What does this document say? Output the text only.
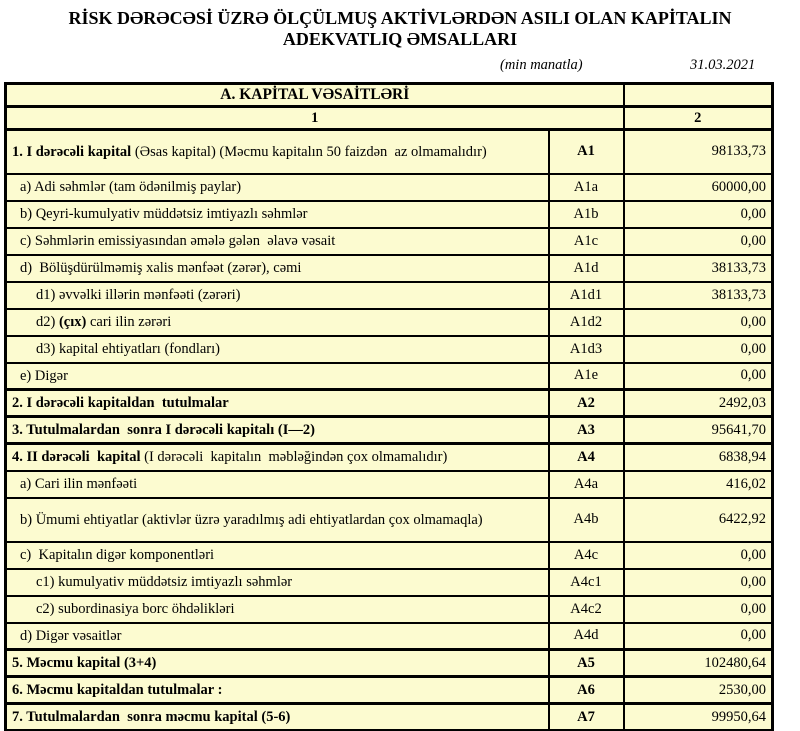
RİSK DƏRƏCƏSİ ÜZRƏ ÖLÇÜLMUŞ AKTİVLƏRDƏN ASILI OLAN KAPİTALIN
ADEKVATLIQ ƏMSALLARI
(min manatla)	31.03.2021
A. KAPİTAL VƏSAİTLƏRİ		
1		2
1. I dərəcəli kapital (Əsas kapital) (Məcmu kapitalın 50 faizdən  az olmamalıdır)	A1	98133,73
a) Adi səhmlər (tam ödənilmiş paylar)	A1a	60000,00
b) Qeyri-kumulyativ müddətsiz imtiyazlı səhmlər	A1b	0,00
c) Səhmlərin emissiyasından əmələ gələn  əlavə vəsait	A1c	0,00
d)  Bölüşdürülməmiş xalis mənfəət (zərər), cəmi	A1d	38133,73
d1) əvvəlki illərin mənfəəti (zərəri)	A1d1	38133,73
d2) (çıx) cari ilin zərəri	A1d2	0,00
d3) kapital ehtiyatları (fondları)	A1d3	0,00
e) Digər	A1e	0,00
2. I dərəcəli kapitaldan  tutulmalar	A2	2492,03
3. Tutulmalardan  sonra I dərəcəli kapitalı (I—2)	A3	95641,70
4. II dərəcəli  kapital (I dərəcəli  kapitalın  məbləğindən çox olmamalıdır)	A4	6838,94
a) Cari ilin mənfəəti	A4a	416,02
b) Ümumi ehtiyatlar (aktivlər üzrə yaradılmış adi ehtiyatlardan çox olmamaqla)	A4b	6422,92
c)  Kapitalın digər komponentləri	A4c	0,00
c1) kumulyativ müddətsiz imtiyazlı səhmlər	A4c1	0,00
c2) subordinasiya borc öhdəlikləri	A4c2	0,00
d) Digər vəsaitlər	A4d	0,00
5. Məcmu kapital (3+4)	A5	102480,64
6. Məcmu kapitaldan tutulmalar :	A6	2530,00
7. Tutulmalardan  sonra məcmu kapital (5-6)	A7	99950,64
